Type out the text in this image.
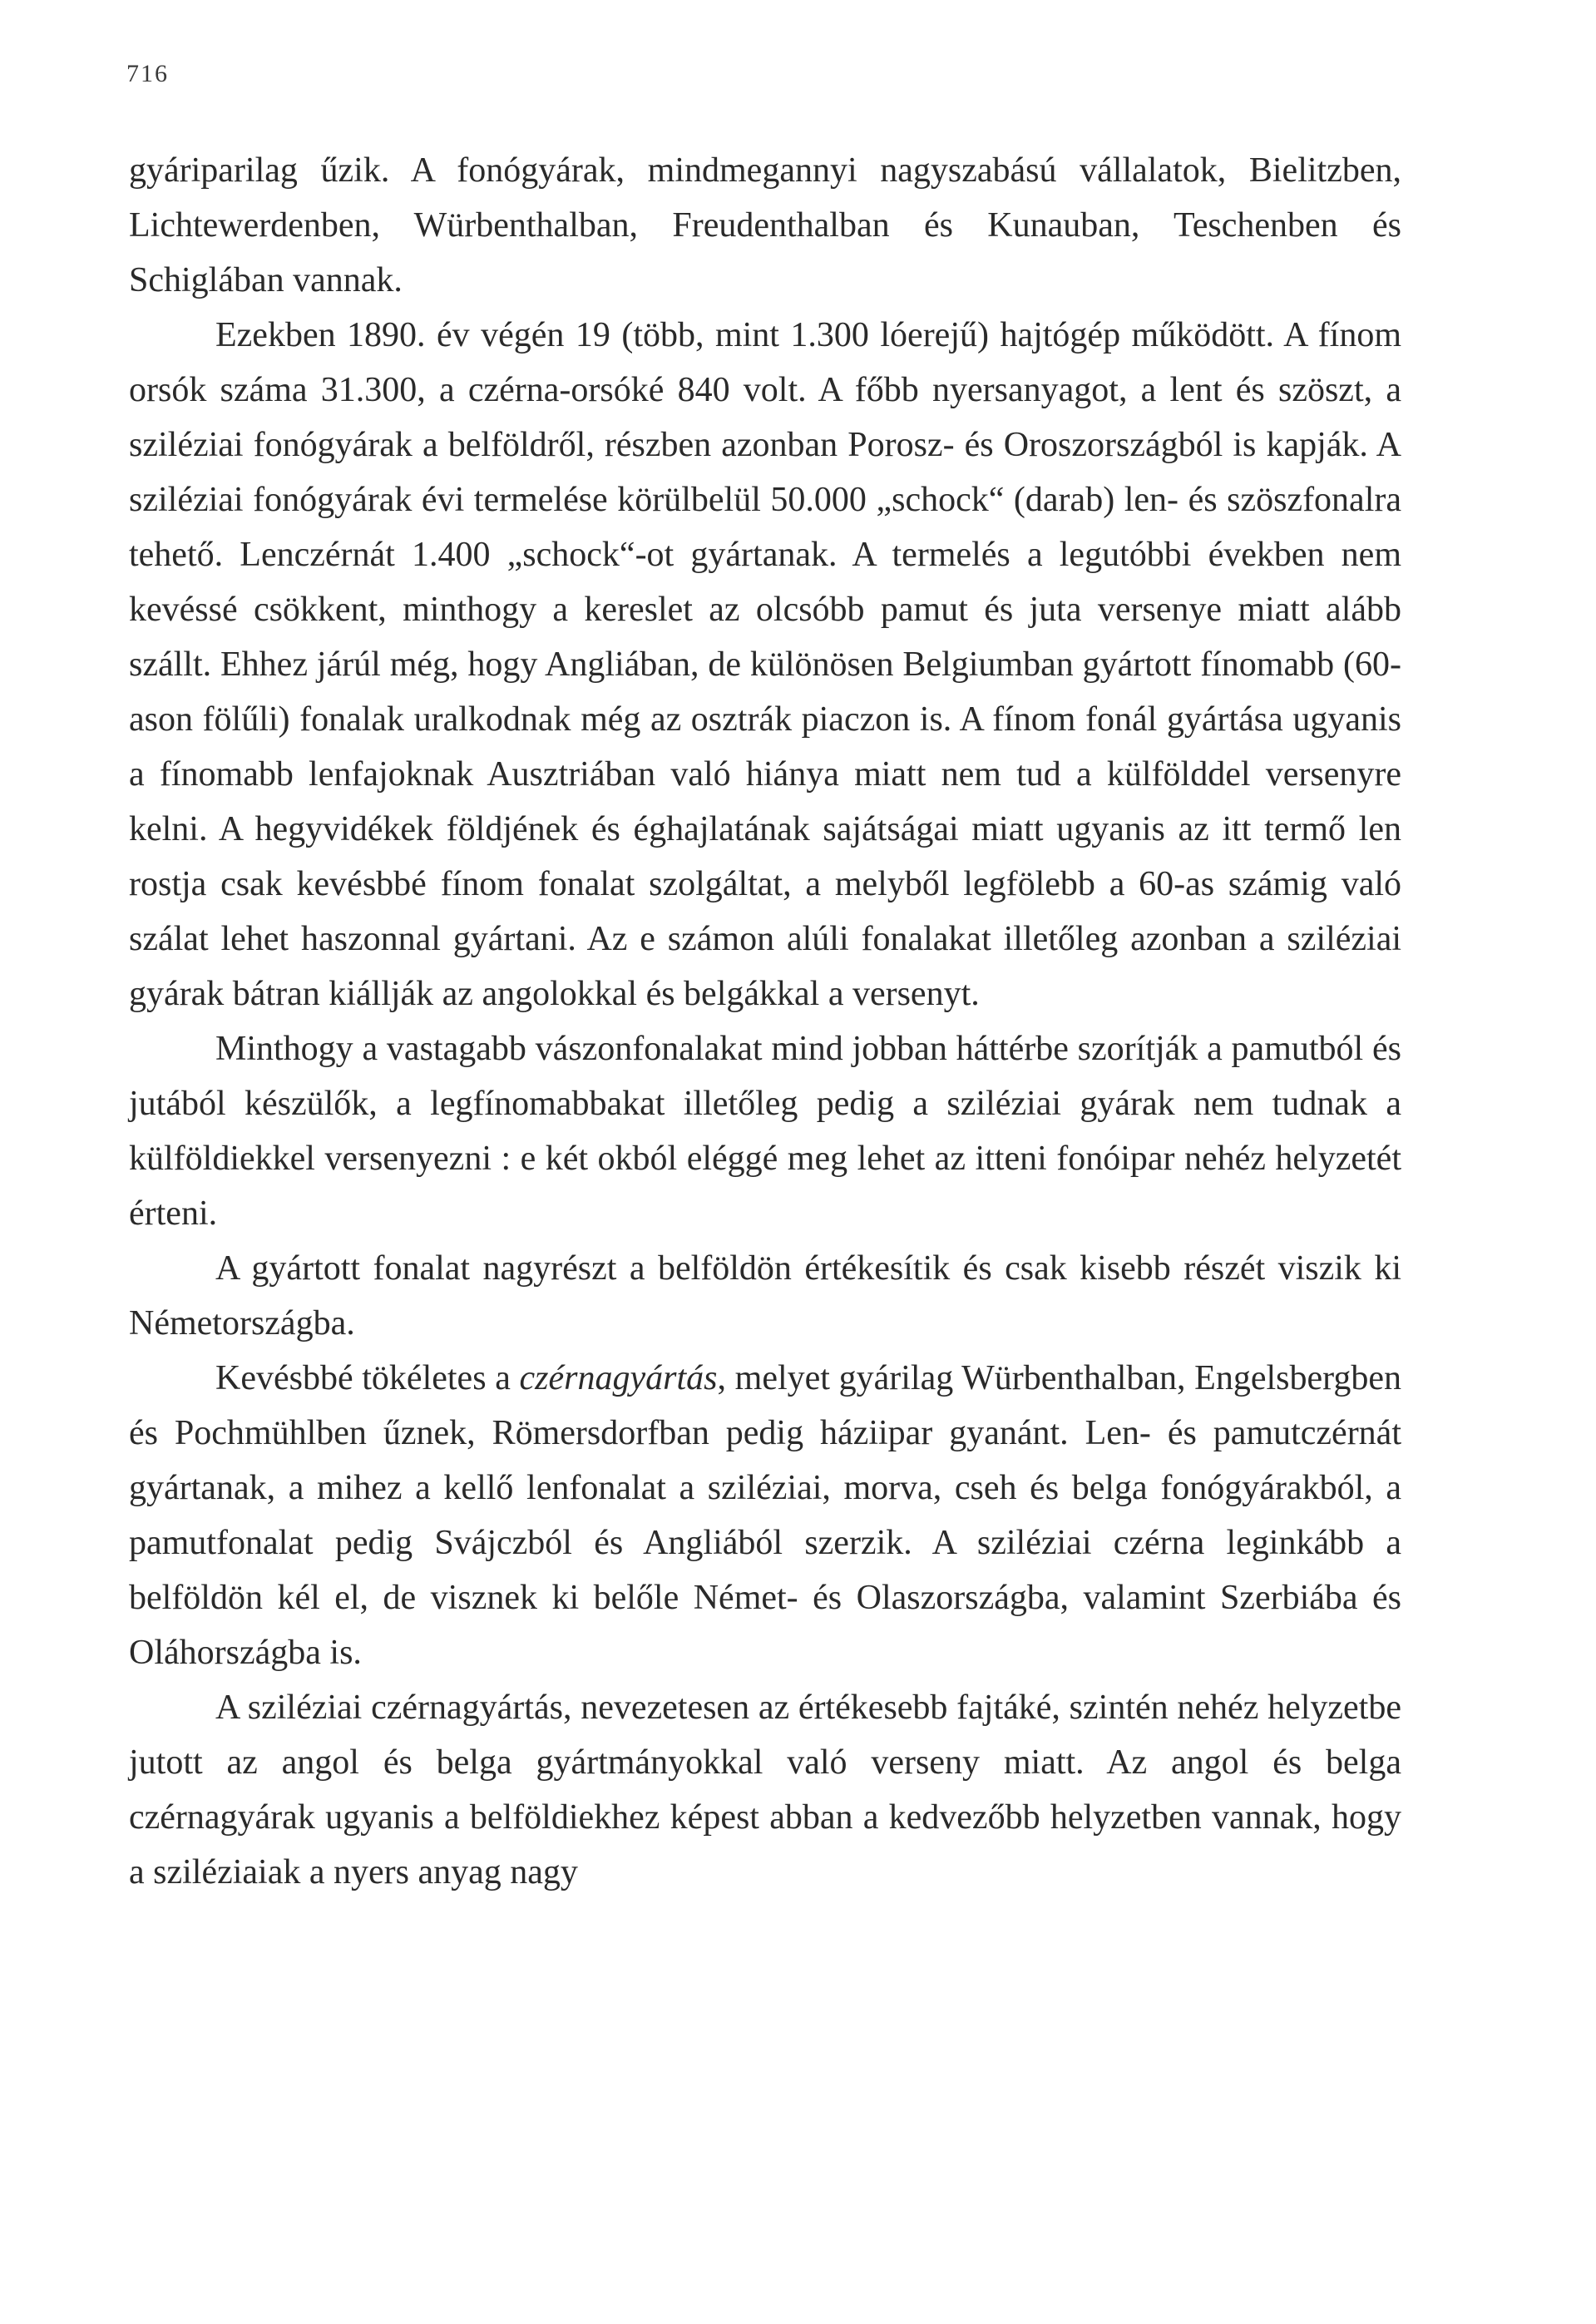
716

gyáriparilag űzik. A fonógyárak, mindmegannyi nagyszabású vállalatok, Bielitzben, Lichtewerdenben, Würbenthalban, Freudenthalban és Kunauban, Teschenben és Schiglában vannak.

Ezekben 1890. év végén 19 (több, mint 1.300 lóerejű) hajtógép működött. A fínom orsók száma 31.300, a czérna-orsóké 840 volt. A főbb nyersanyagot, a lent és szöszt, a sziléziai fonógyárak a belföldről, részben azonban Porosz- és Oroszországból is kapják. A sziléziai fonógyárak évi termelése körülbelül 50.000 „schock“ (darab) len- és szöszfonalra tehető. Lenczérnát 1.400 „schock“-ot gyártanak. A termelés a legutóbbi években nem kevéssé csökkent, minthogy a kereslet az olcsóbb pamut és juta versenye miatt alább szállt. Ehhez járúl még, hogy Angliában, de különösen Belgiumban gyártott fínomabb (60-ason fölűli) fonalak uralkodnak még az osztrák piaczon is. A fínom fonál gyártása ugyanis a fínomabb lenfajoknak Ausztriában való hiánya miatt nem tud a külfölddel versenyre kelni. A hegyvidékek földjének és éghajlatának sajátságai miatt ugyanis az itt termő len rostja csak kevésbbé fínom fonalat szolgáltat, a melyből legfölebb a 60-as számig való szálat lehet haszonnal gyártani. Az e számon alúli fonalakat illetőleg azonban a sziléziai gyárak bátran kiállják az angolokkal és belgákkal a versenyt.

Minthogy a vastagabb vászonfonalakat mind jobban háttérbe szorítják a pamutból és jutából készülők, a legfínomabbakat illetőleg pedig a sziléziai gyárak nem tudnak a külföldiekkel versenyezni : e két okból eléggé meg lehet az itteni fonóipar nehéz helyzetét érteni.

A gyártott fonalat nagyrészt a belföldön értékesítik és csak kisebb részét viszik ki Németországba.

Kevésbbé tökéletes a czérnagyártás, melyet gyárilag Würbenthalban, Engelsbergben és Pochmühlben űznek, Römersdorfban pedig háziipar gyanánt. Len- és pamutczérnát gyártanak, a mihez a kellő lenfonalat a sziléziai, morva, cseh és belga fonógyárakból, a pamutfonalat pedig Svájczból és Angliából szerzik. A sziléziai czérna leginkább a belföldön kél el, de visznek ki belőle Német- és Olaszországba, valamint Szerbiába és Oláhországba is.

A sziléziai czérnagyártás, nevezetesen az értékesebb fajtáké, szintén nehéz helyzetbe jutott az angol és belga gyártmányokkal való verseny miatt. Az angol és belga czérnagyárak ugyanis a belföldiekhez képest abban a kedvezőbb helyzetben vannak, hogy a sziléziaiak a nyers anyag nagy
